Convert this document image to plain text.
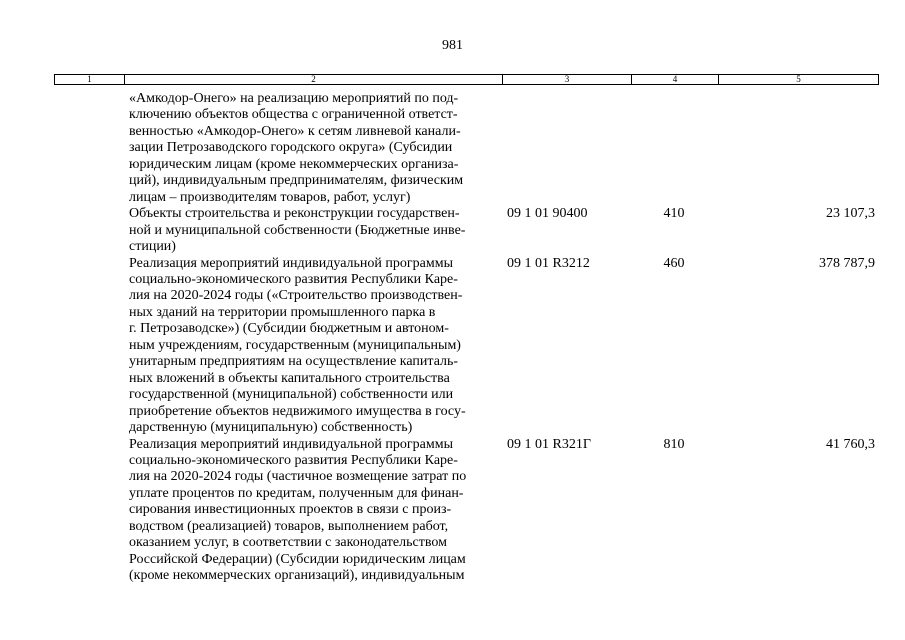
981
1	2	3	4	5
«Амкодор-Онего» на реализацию мероприятий по под-
ключению объектов общества с ограниченной ответст-
венностью «Амкодор-Онего» к сетям ливневой канали-
зации Петрозаводского городского округа» (Субсидии
юридическим лицам (кроме некоммерческих организа-
ций), индивидуальным предпринимателям, физическим
лицам – производителям товаров, работ, услуг)
Объекты строительства и реконструкции государствен-
ной и муниципальной собственности (Бюджетные инве-
стиции)
09 1 01 90400	410	23 107,3
Реализация мероприятий индивидуальной программы
социально-экономического развития Республики Каре-
лия на 2020-2024 годы («Строительство производствен-
ных зданий на территории промышленного парка в
г. Петрозаводске») (Субсидии бюджетным и автоном-
ным учреждениям, государственным (муниципальным)
унитарным предприятиям на осуществление капиталь-
ных вложений в объекты капитального строительства
государственной (муниципальной) собственности или
приобретение объектов недвижимого имущества в госу-
дарственную (муниципальную) собственность)
09 1 01 R3212	460	378 787,9
Реализация мероприятий индивидуальной программы
социально-экономического развития Республики Каре-
лия на 2020-2024 годы (частичное возмещение затрат по
уплате процентов по кредитам, полученным для финан-
сирования инвестиционных проектов в связи с произ-
водством (реализацией) товаров, выполнением работ,
оказанием услуг, в соответствии с законодательством
Российской Федерации) (Субсидии юридическим лицам
(кроме некоммерческих организаций), индивидуальным
09 1 01 R321Г	810	41 760,3
